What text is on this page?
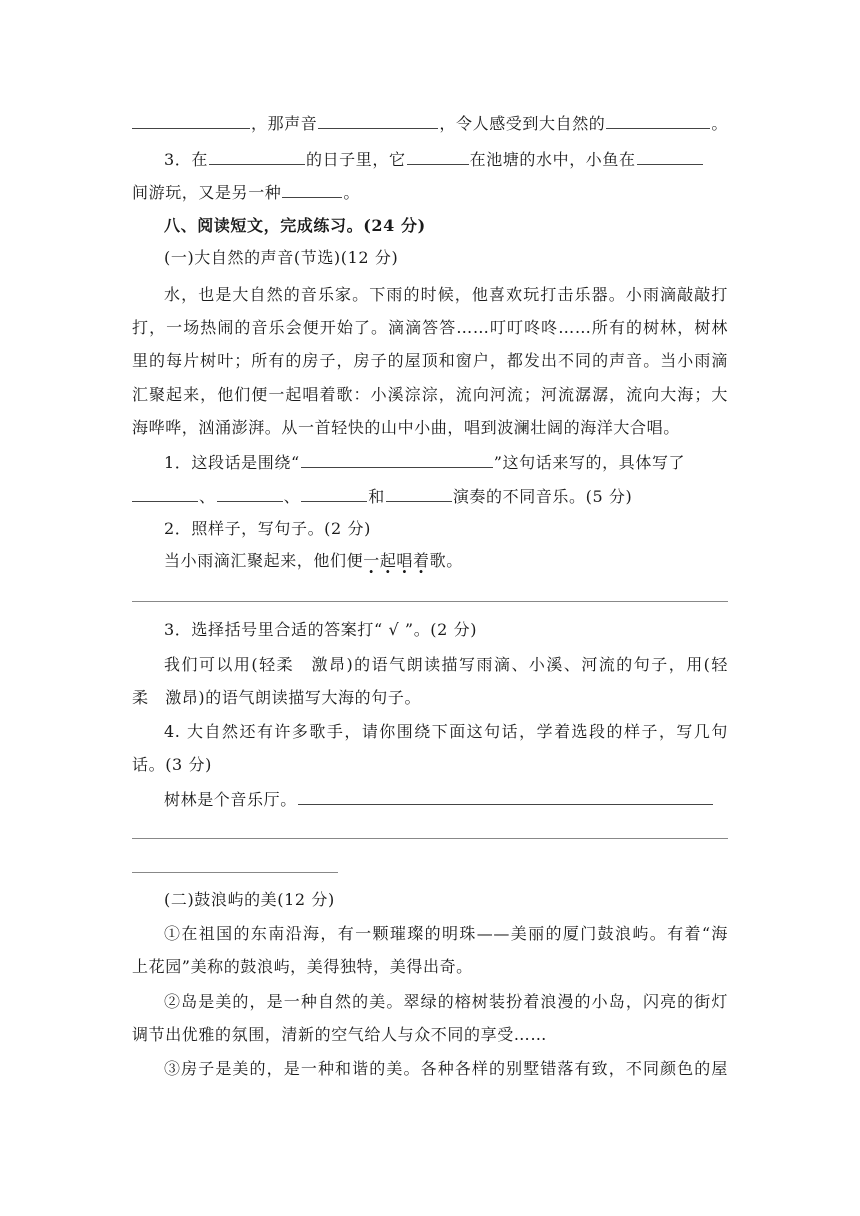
，那声音	，令人感受到大自然的	。
3．在	的日子里，它	在池塘的水中，小鱼在
间游玩，又是另一种	。
八、阅读短文，完成练习。(24 分)
(一)大自然的声音(节选)(12 分)
水，也是大自然的音乐家。下雨的时候，他喜欢玩打击乐器。小雨滴敲敲打
打，一场热闹的音乐会便开始了。滴滴答答……叮叮咚咚……所有的树林，树林
里的每片树叶；所有的房子，房子的屋顶和窗户，都发出不同的声音。当小雨滴
汇聚起来，他们便一起唱着歌：小溪淙淙，流向河流；河流潺潺，流向大海；大
海哗哗，汹涌澎湃。从一首轻快的山中小曲，唱到波澜壮阔的海洋大合唱。
1．这段话是围绕“	”这句话来写的，具体写了
、	、	和	演奏的不同音乐。(5 分)
2．照样子，写句子。(2 分)
当小雨滴汇聚起来，他们便一起唱着歌。
3．选择括号里合适的答案打“ √ ”。(2 分)
我们可以用(轻柔　激昂)的语气朗读描写雨滴、小溪、河流的句子，用(轻
柔　激昂)的语气朗读描写大海的句子。
4. 大自然还有许多歌手，请你围绕下面这句话，学着选段的样子，写几句
话。(3 分)
树林是个音乐厅。
(二)鼓浪屿的美(12 分)
①在祖国的东南沿海，有一颗璀璨的明珠——美丽的厦门鼓浪屿。有着“海
上花园”美称的鼓浪屿，美得独特，美得出奇。
②岛是美的，是一种自然的美。翠绿的榕树装扮着浪漫的小岛，闪亮的街灯
调节出优雅的氛围，清新的空气给人与众不同的享受……
③房子是美的，是一种和谐的美。各种各样的别墅错落有致，不同颜色的屋
